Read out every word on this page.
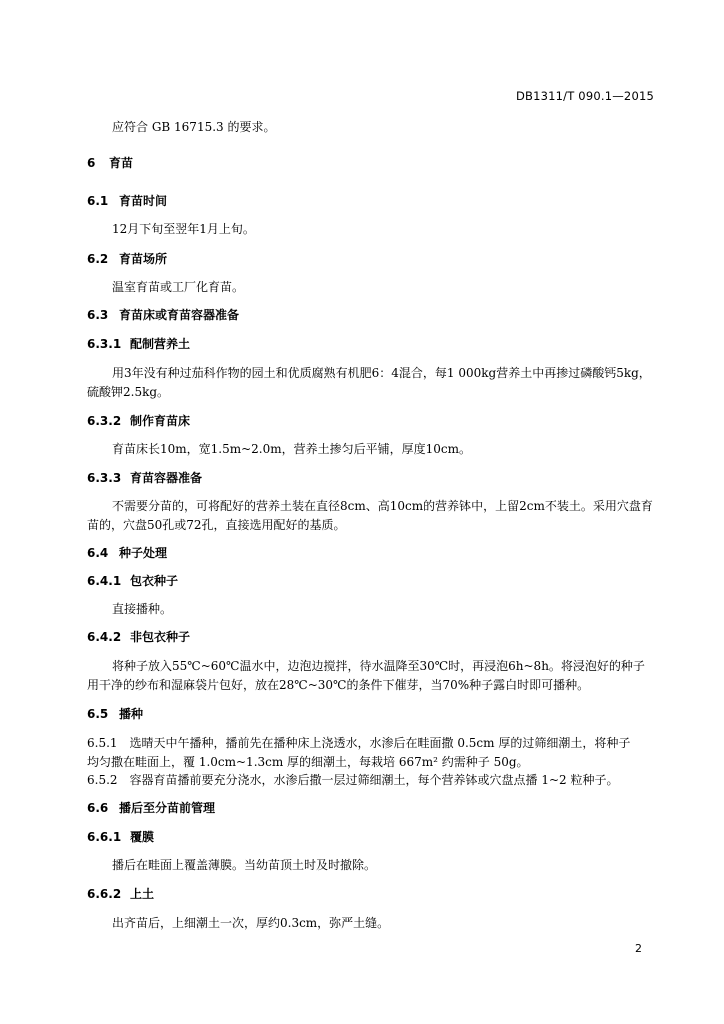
DB1311/T 090.1—2015
应符合 GB 16715.3 的要求。
6 育苗
6.1 育苗时间
12月下旬至翌年1月上旬。
6.2 育苗场所
温室育苗或工厂化育苗。
6.3 育苗床或育苗容器准备
6.3.1 配制营养土
用3年没有种过茄科作物的园土和优质腐熟有机肥6：4混合，每1 000kg营养土中再掺过磷酸钙5kg，
硫酸钾2.5kg。
6.3.2 制作育苗床
育苗床长10m，宽1.5m~2.0m，营养土掺匀后平铺，厚度10cm。
6.3.3 育苗容器准备
不需要分苗的，可将配好的营养土装在直径8cm、高10cm的营养钵中，上留2cm不装土。采用穴盘育
苗的，穴盘50孔或72孔，直接选用配好的基质。
6.4 种子处理
6.4.1 包衣种子
直接播种。
6.4.2 非包衣种子
将种子放入55℃~60℃温水中，边泡边搅拌，待水温降至30℃时，再浸泡6h~8h。将浸泡好的种子
用干净的纱布和湿麻袋片包好，放在28℃~30℃的条件下催芽，当70%种子露白时即可播种。
6.5 播种
6.5.1　选晴天中午播种，播前先在播种床上浇透水，水渗后在畦面撒 0.5cm 厚的过筛细潮土，将种子
均匀撒在畦面上，覆 1.0cm~1.3cm 厚的细潮土，每栽培 667m² 约需种子 50g。
6.5.2　容器育苗播前要充分浇水，水渗后撒一层过筛细潮土，每个营养钵或穴盘点播 1~2 粒种子。
6.6 播后至分苗前管理
6.6.1 覆膜
播后在畦面上覆盖薄膜。当幼苗顶土时及时撤除。
6.6.2 上土
出齐苗后，上细潮土一次，厚约0.3cm，弥严土缝。
2
